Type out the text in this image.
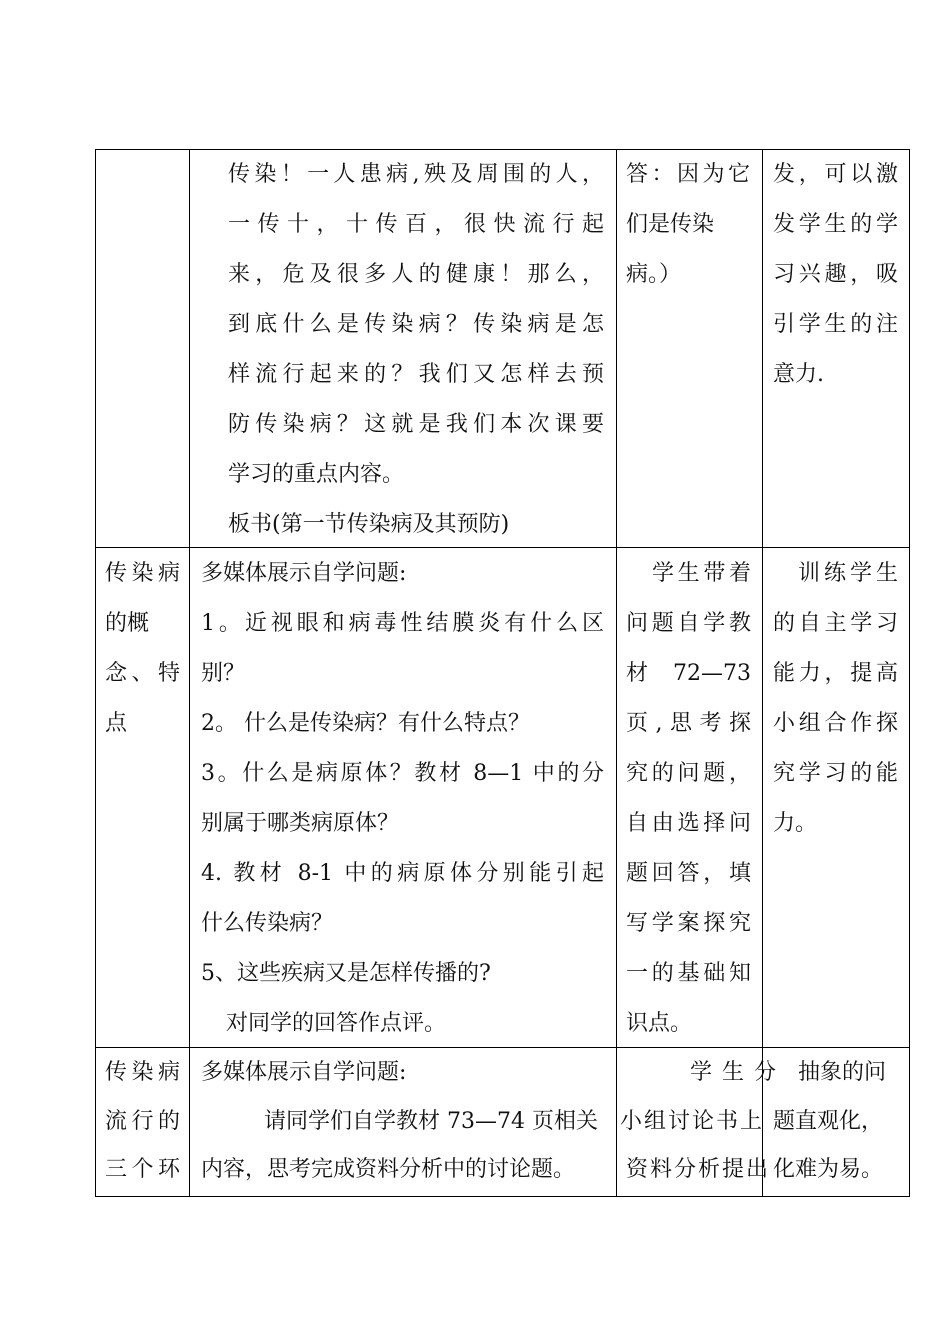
传染！一人患病,殃及周围的人，
一传十，十传百，很快流行起
来，危及很多人的健康！那么，
到底什么是传染病？传染病是怎
样流行起来的？我们又怎样去预
防传染病？这就是我们本次课要
学习的重点内容。
板书(第一节传染病及其预防)
答：因为它
们是传染
病。）
发，可以激
发学生的学
习兴趣，吸
引学生的注
意力.
传染病
的概
念、特
点
多媒体展示自学问题:
1。近视眼和病毒性结膜炎有什么区
别？
2。 什么是传染病？有什么特点？
3。什么是病原体？教材 8—1 中的分
别属于哪类病原体？
4. 教材 8-1 中的病原体分别能引起
什么传染病？
5、这些疾病又是怎样传播的?
对同学的回答作点评。
学生带着
问题自学教
材 72—73
页,思考探
究的问题，
自由选择问
题回答，填
写学案探究
一的基础知
识点。
训练学生
的自主学习
能力，提高
小组合作探
究学习的能
力。
传染病
流行的
三个环
多媒体展示自学问题:
请同学们自学教材 73—74 页相关
内容，思考完成资料分析中的讨论题。
学 生 分
小组讨论书上
资料分析提出
抽象的问
题直观化，
化难为易。
